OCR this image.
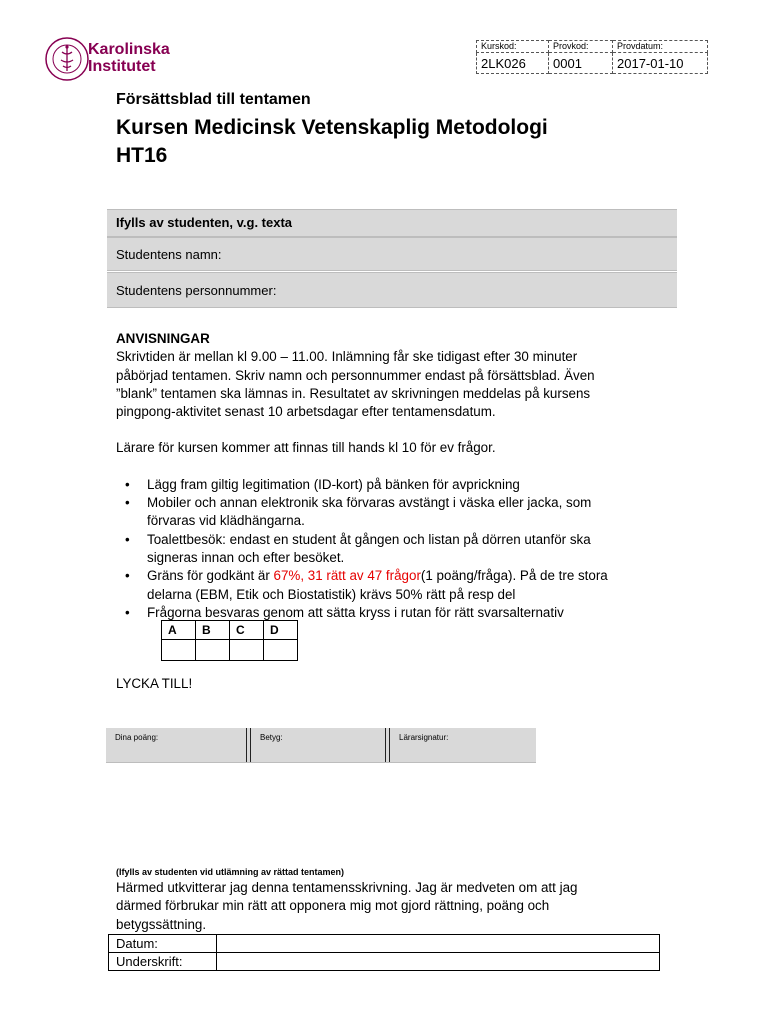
Karolinska
Institutet
Kurskod:	Provkod:	Provdatum:
2LK026	0001	2017-01-10
Försättsblad till tentamen
Kursen Medicinsk Vetenskaplig Metodologi
HT16
Ifylls av studenten, v.g. texta
Studentens namn:
Studentens personnummer:
ANVISNINGAR
Skrivtiden är mellan kl 9.00 – 11.00. Inlämning får ske tidigast efter 30 minuter påbörjad tentamen. Skriv namn och personnummer endast på försättsblad. Även ”blank” tentamen ska lämnas in. Resultatet av skrivningen meddelas på kursens pingpong-aktivitet senast 10 arbetsdagar efter tentamensdatum.
Lärare för kursen kommer att finnas till hands kl 10 för ev frågor.
• Lägg fram giltig legitimation (ID-kort) på bänken för avprickning
• Mobiler och annan elektronik ska förvaras avstängt i väska eller jacka, som förvaras vid klädhängarna.
• Toalettbesök: endast en student åt gången och listan på dörren utanför ska signeras innan och efter besöket.
• Gräns för godkänt är 67%, 31 rätt av 47 frågor(1 poäng/fråga). På de tre stora delarna (EBM, Etik och Biostatistik) krävs 50% rätt på resp del
• Frågorna besvaras genom att sätta kryss i rutan för rätt svarsalternativ
A	B	C	D

LYCKA TILL!
Dina poäng:	Betyg:	Lärarsignatur:
(Ifylls av studenten vid utlämning av rättad tentamen)
Härmed utkvitterar jag denna tentamensskrivning. Jag är medveten om att jag därmed förbrukar min rätt att opponera mig mot gjord rättning, poäng och betygssättning.
Datum:	
Underskrift:	
